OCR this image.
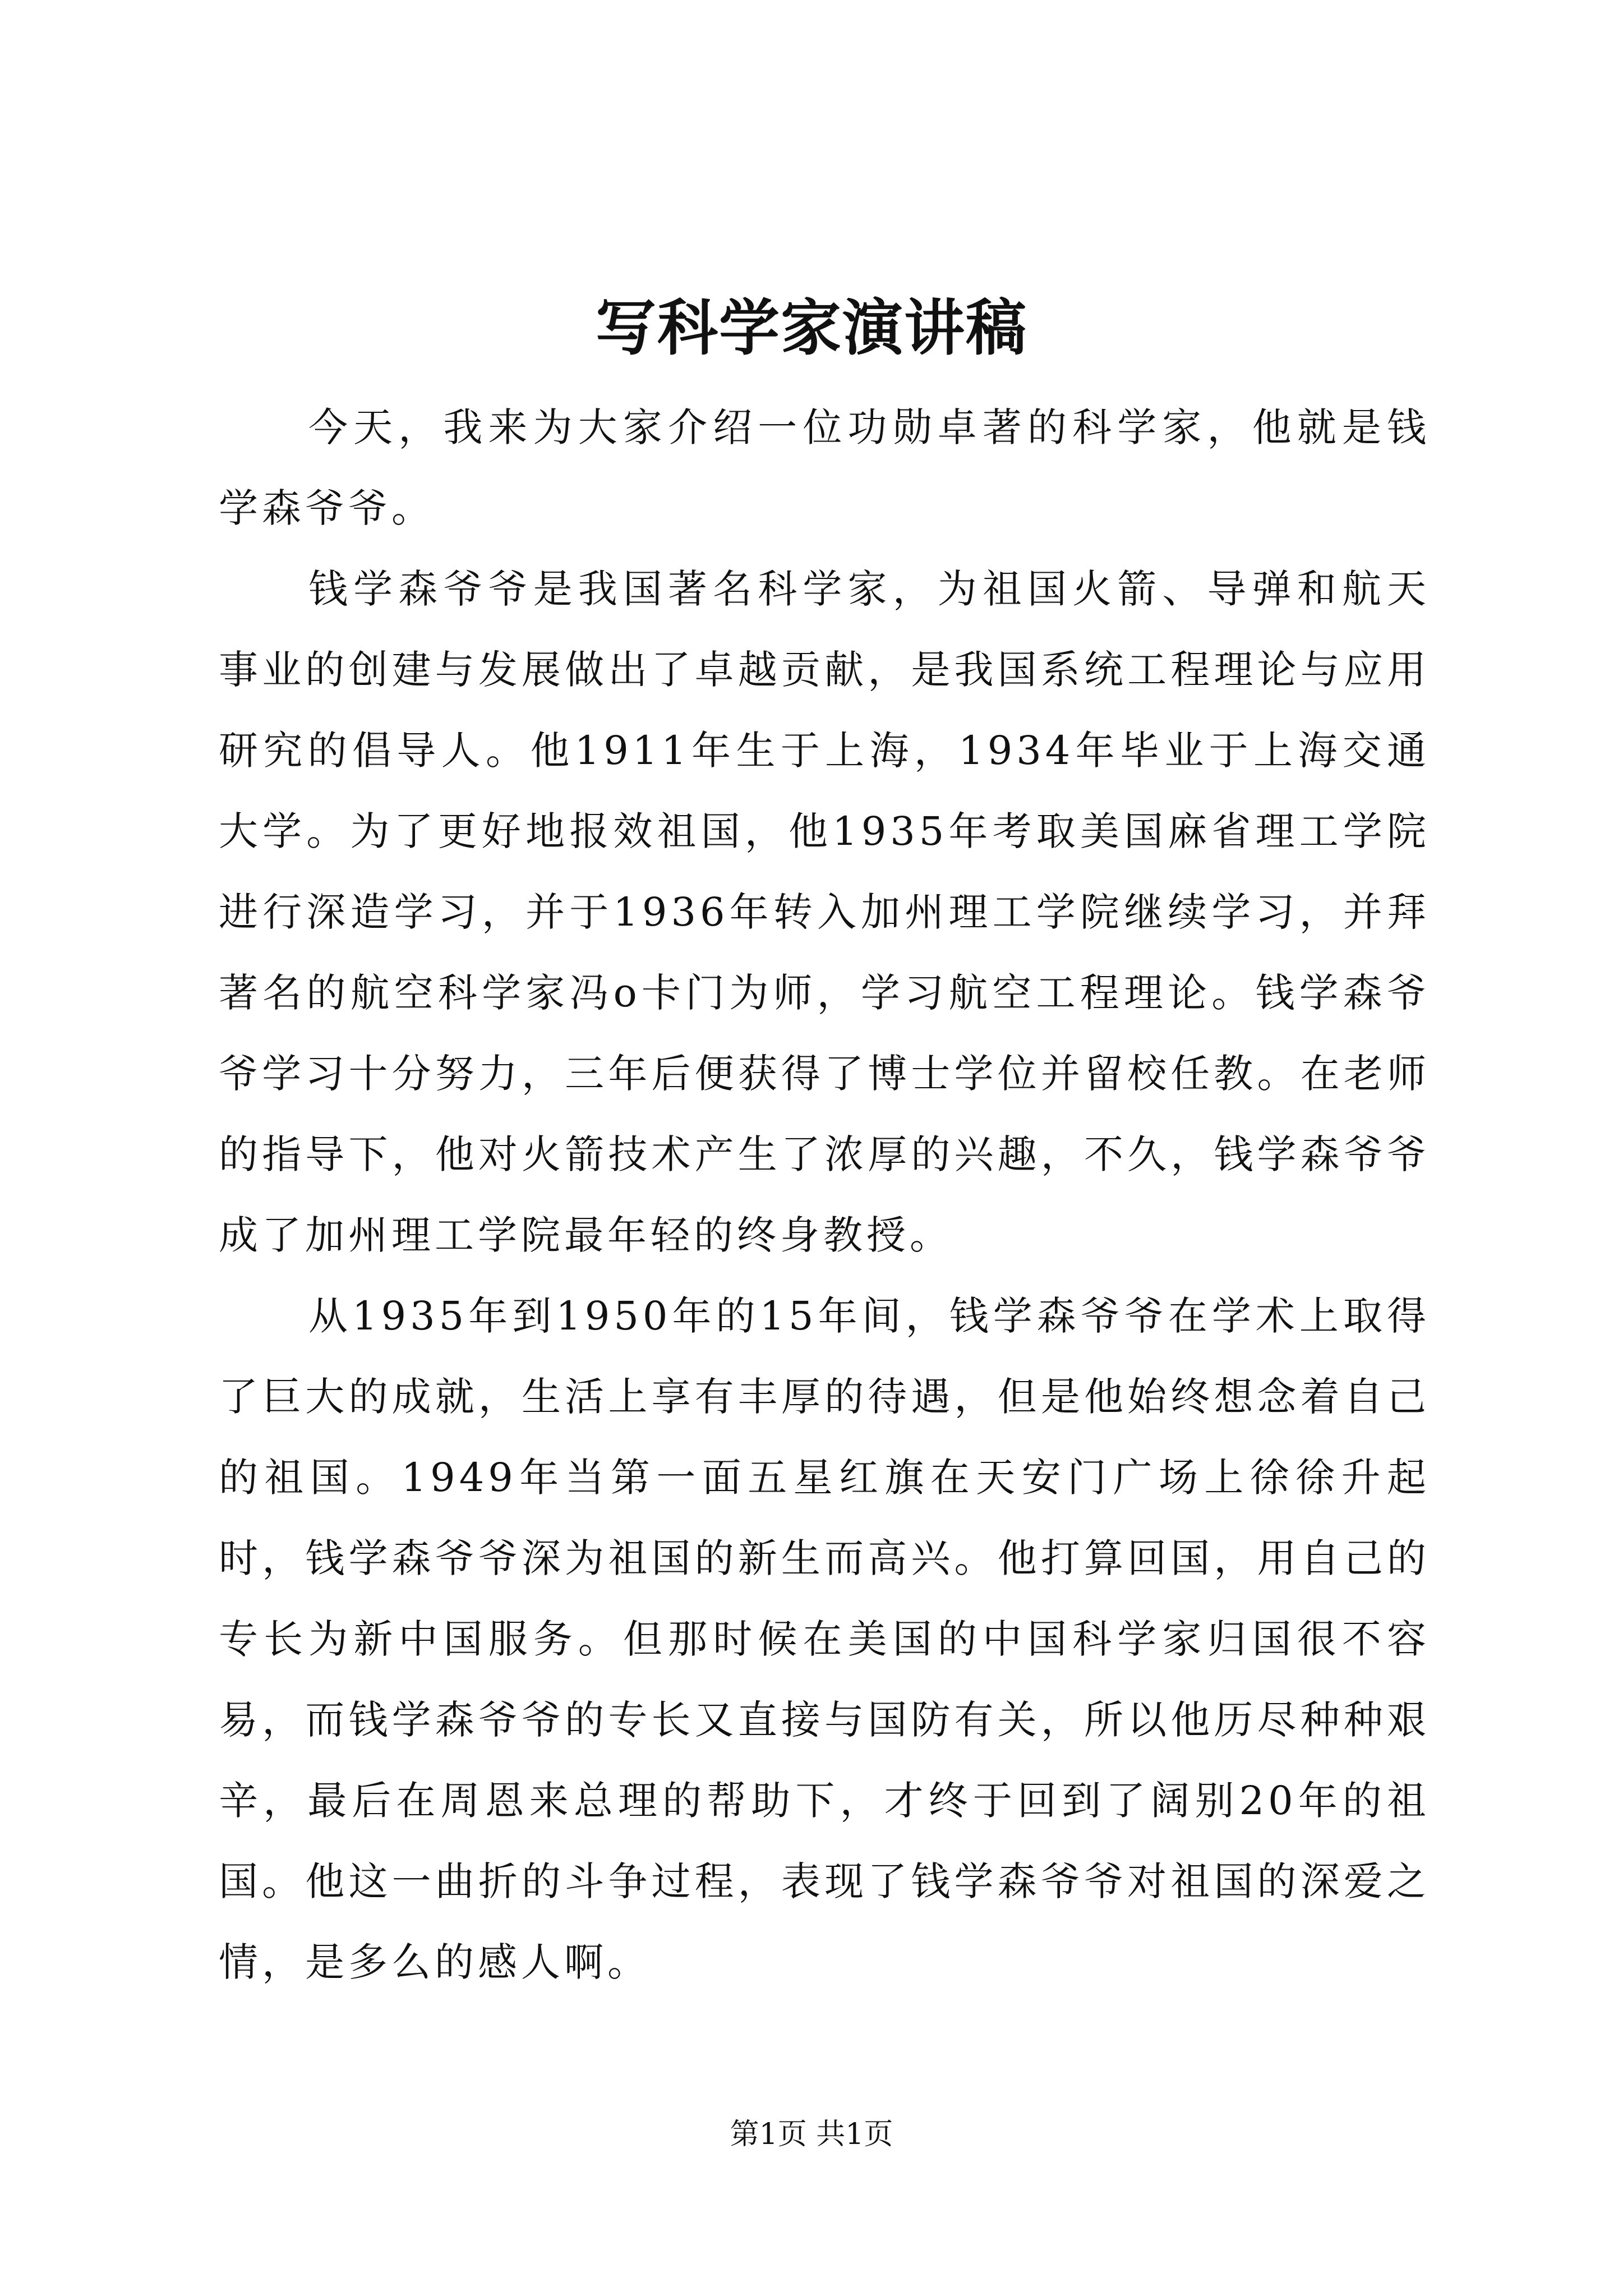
写科学家演讲稿

今天，我来为大家介绍一位功勋卓著的科学家，他就是钱学森爷爷。

钱学森爷爷是我国著名科学家，为祖国火箭、导弹和航天事业的创建与发展做出了卓越贡献，是我国系统工程理论与应用研究的倡导人。他1911年生于上海，1934年毕业于上海交通大学。为了更好地报效祖国，他1935年考取美国麻省理工学院进行深造学习，并于1936年转入加州理工学院继续学习，并拜著名的航空科学家冯o卡门为师，学习航空工程理论。钱学森爷爷学习十分努力，三年后便获得了博士学位并留校任教。在老师的指导下，他对火箭技术产生了浓厚的兴趣，不久，钱学森爷爷成了加州理工学院最年轻的终身教授。

从1935年到1950年的15年间，钱学森爷爷在学术上取得了巨大的成就，生活上享有丰厚的待遇，但是他始终想念着自己的祖国。1949年当第一面五星红旗在天安门广场上徐徐升起时，钱学森爷爷深为祖国的新生而高兴。他打算回国，用自己的专长为新中国服务。但那时候在美国的中国科学家归国很不容易，而钱学森爷爷的专长又直接与国防有关，所以他历尽种种艰辛，最后在周恩来总理的帮助下，才终于回到了阔别20年的祖国。他这一曲折的斗争过程，表现了钱学森爷爷对祖国的深爱之情，是多么的感人啊。

第1页 共1页
